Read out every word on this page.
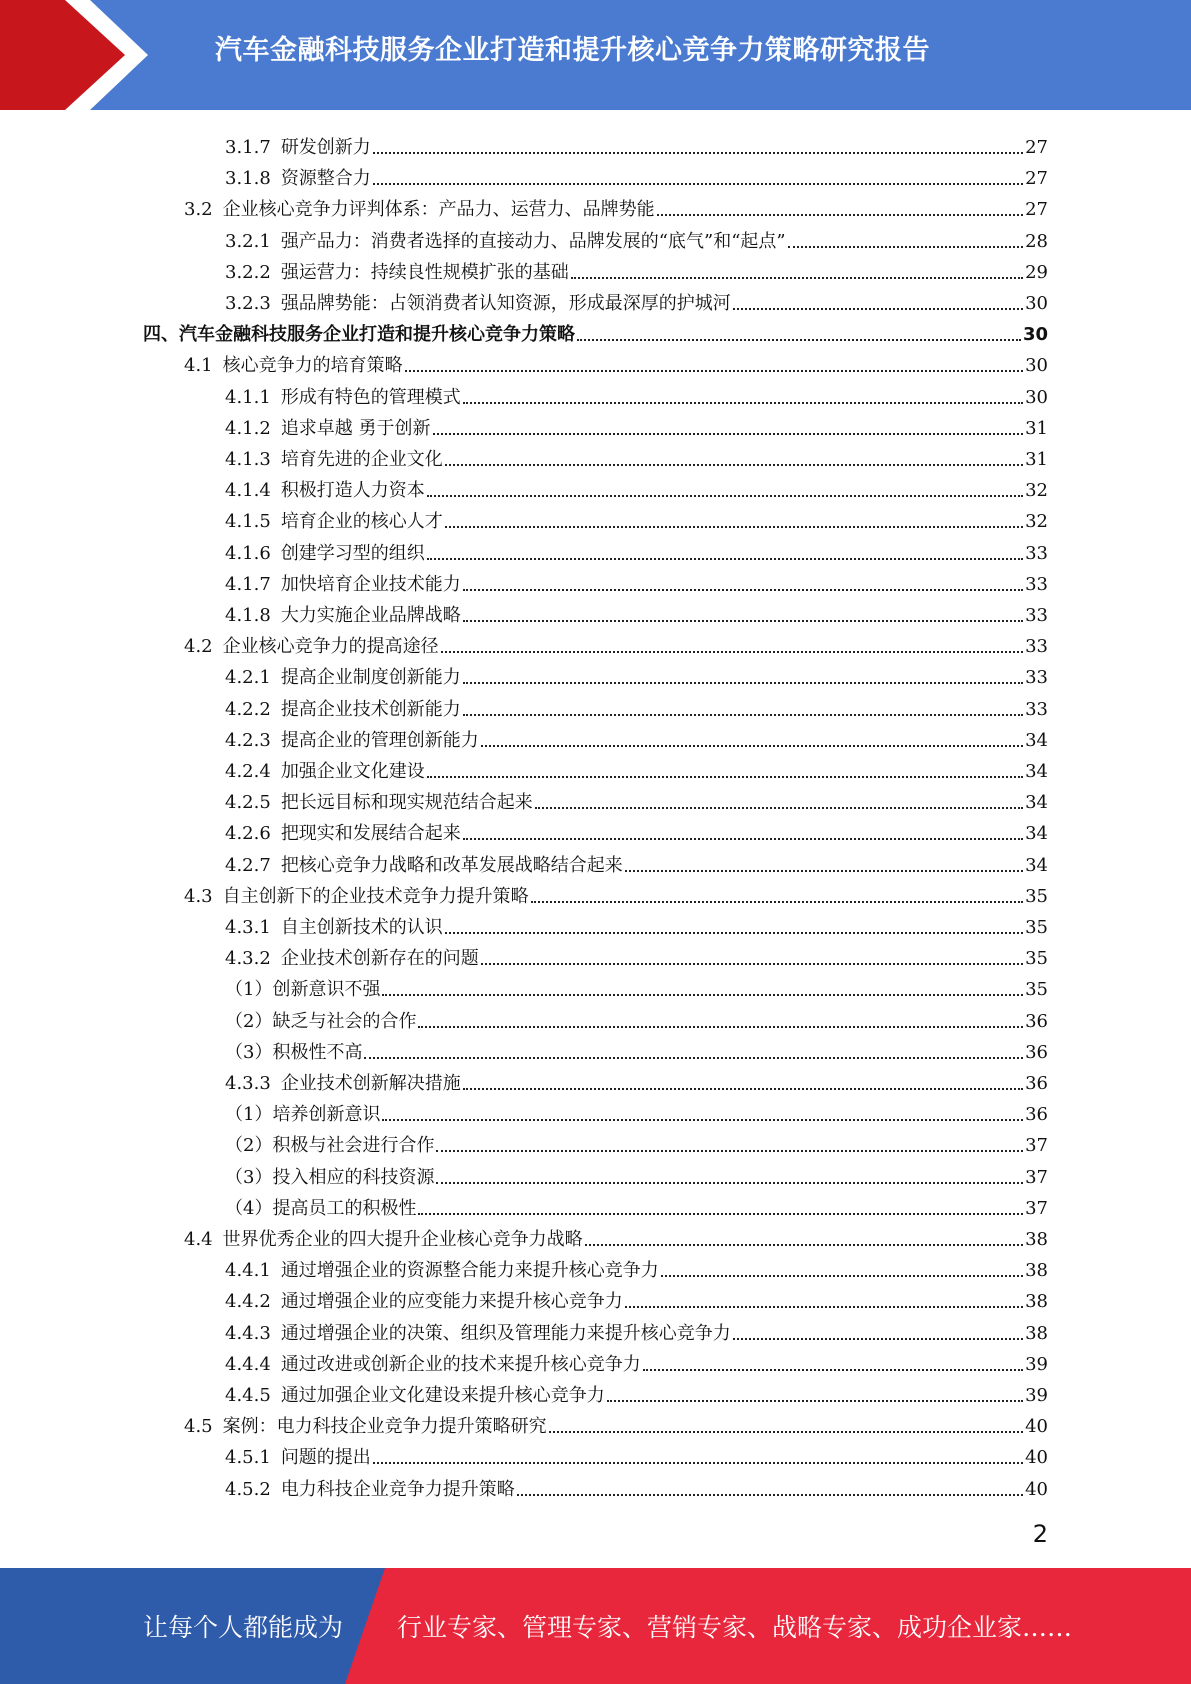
汽车金融科技服务企业打造和提升核心竞争力策略研究报告
3.1.7 研发创新力	27
3.1.8 资源整合力	27
3.2 企业核心竞争力评判体系：产品力、运营力、品牌势能	27
3.2.1 强产品力：消费者选择的直接动力、品牌发展的“底气”和“起点”	28
3.2.2 强运营力：持续良性规模扩张的基础	29
3.2.3 强品牌势能：占领消费者认知资源，形成最深厚的护城河	30
四、 汽车金融科技服务企业打造和提升核心竞争力策略	30
4.1 核心竞争力的培育策略	30
4.1.1 形成有特色的管理模式	30
4.1.2 追求卓越 勇于创新	31
4.1.3 培育先进的企业文化	31
4.1.4 积极打造人力资本	32
4.1.5 培育企业的核心人才	32
4.1.6 创建学习型的组织	33
4.1.7 加快培育企业技术能力	33
4.1.8 大力实施企业品牌战略	33
4.2 企业核心竞争力的提高途径	33
4.2.1 提高企业制度创新能力	33
4.2.2 提高企业技术创新能力	33
4.2.3 提高企业的管理创新能力	34
4.2.4 加强企业文化建设	34
4.2.5 把长远目标和现实规范结合起来	34
4.2.6 把现实和发展结合起来	34
4.2.7 把核心竞争力战略和改革发展战略结合起来	34
4.3 自主创新下的企业技术竞争力提升策略	35
4.3.1 自主创新技术的认识	35
4.3.2 企业技术创新存在的问题	35
（1） 创新意识不强	35
（2） 缺乏与社会的合作	36
（3） 积极性不高	36
4.3.3 企业技术创新解决措施	36
（1） 培养创新意识	36
（2） 积极与社会进行合作	37
（3） 投入相应的科技资源	37
（4） 提高员工的积极性	37
4.4 世界优秀企业的四大提升企业核心竞争力战略	38
4.4.1 通过增强企业的资源整合能力来提升核心竞争力	38
4.4.2 通过增强企业的应变能力来提升核心竞争力	38
4.4.3 通过增强企业的决策、组织及管理能力来提升核心竞争力	38
4.4.4 通过改进或创新企业的技术来提升核心竞争力	39
4.4.5 通过加强企业文化建设来提升核心竞争力	39
4.5 案例：电力科技企业竞争力提升策略研究	40
4.5.1 问题的提出	40
4.5.2 电力科技企业竞争力提升策略	40
2
让每个人都能成为 行业专家、管理专家、营销专家、战略专家、成功企业家……
